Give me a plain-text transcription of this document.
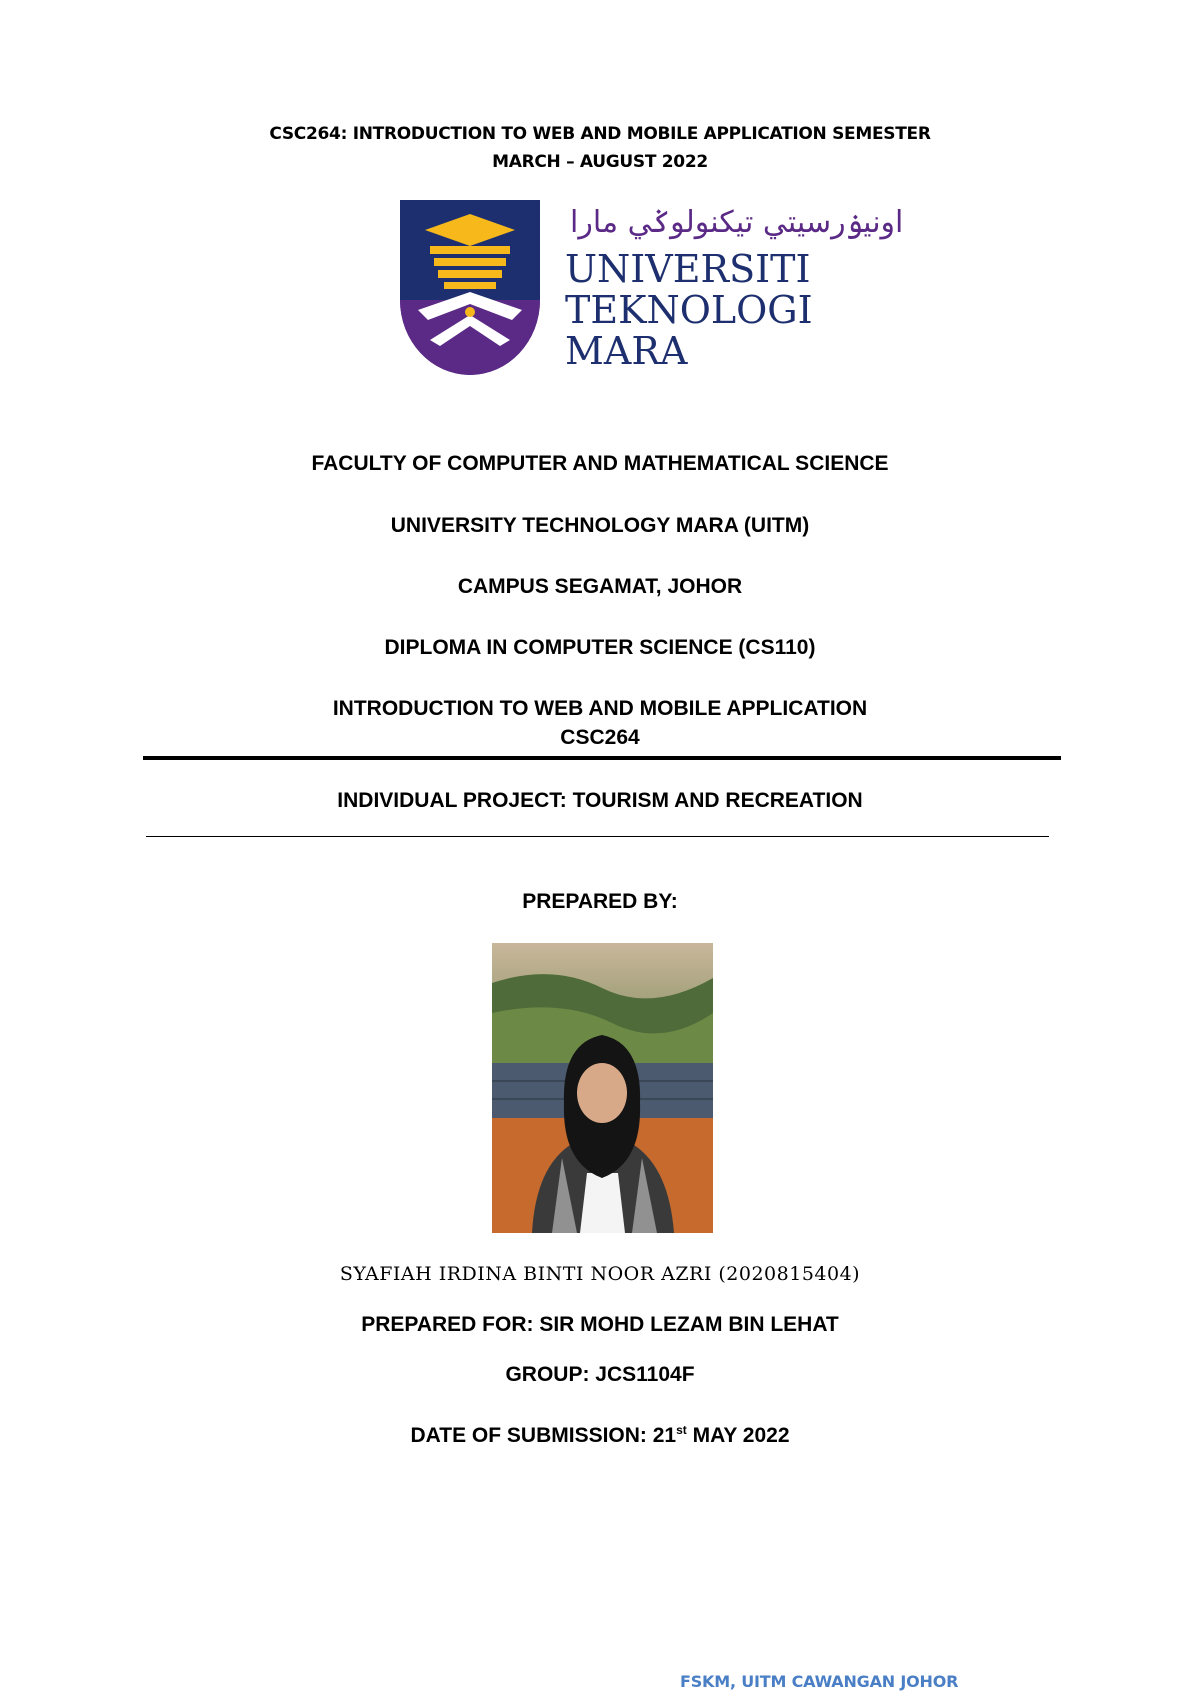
CSC264: INTRODUCTION TO WEB AND MOBILE APPLICATION SEMESTER
MARCH – AUGUST 2022
اونيۏرسيتي تيكنولوݢي مارا
UNIVERSITI
TEKNOLOGI
MARA
FACULTY OF COMPUTER AND MATHEMATICAL SCIENCE
UNIVERSITY TECHNOLOGY MARA (UITM)
CAMPUS SEGAMAT, JOHOR
DIPLOMA IN COMPUTER SCIENCE (CS110)
INTRODUCTION TO WEB AND MOBILE APPLICATION
CSC264
INDIVIDUAL PROJECT: TOURISM AND RECREATION
PREPARED BY:
SYAFIAH IRDINA BINTI NOOR AZRI (2020815404)
PREPARED FOR: SIR MOHD LEZAM BIN LEHAT
GROUP: JCS1104F
DATE OF SUBMISSION: 21st MAY 2022
FSKM, UITM CAWANGAN JOHOR
